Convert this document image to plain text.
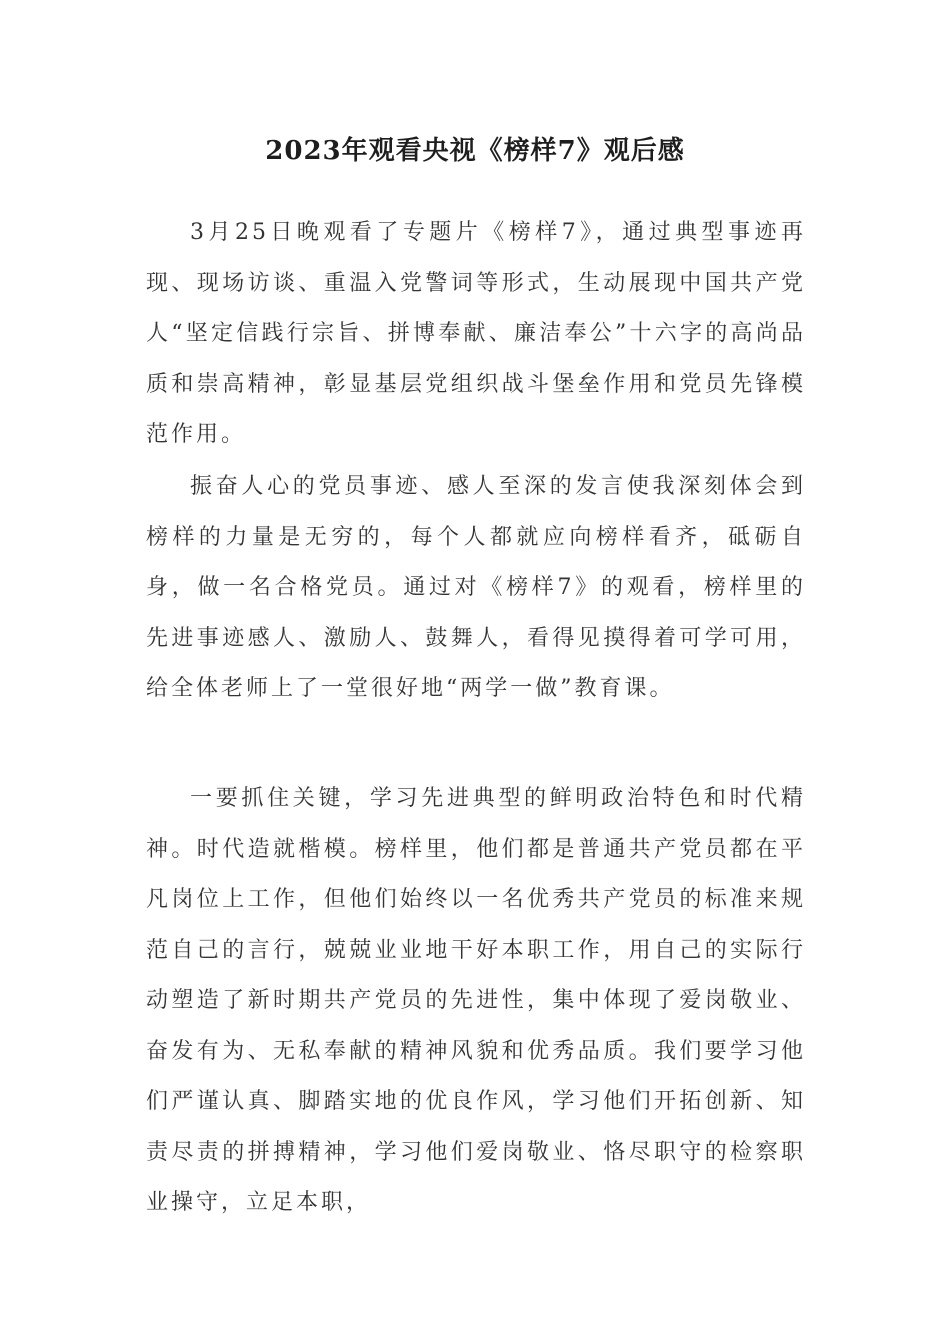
2023年观看央视《榜样7》观后感

3月25日晚观看了专题片《榜样7》，通过典型事迹再现、现场访谈、重温入党警词等形式，生动展现中国共产党人“坚定信践行宗旨、拼博奉献、廉洁奉公”十六字的高尚品质和崇高精神，彰显基层党组织战斗堡垒作用和党员先锋模范作用。

振奋人心的党员事迹、感人至深的发言使我深刻体会到榜样的力量是无穷的，每个人都就应向榜样看齐，砥砺自身，做一名合格党员。通过对《榜样7》的观看，榜样里的先进事迹感人、激励人、鼓舞人，看得见摸得着可学可用，给全体老师上了一堂很好地“两学一做”教育课。

一要抓住关键，学习先进典型的鲜明政治特色和时代精神。时代造就楷模。榜样里，他们都是普通共产党员都在平凡岗位上工作，但他们始终以一名优秀共产党员的标准来规范自己的言行，兢兢业业地干好本职工作，用自己的实际行动塑造了新时期共产党员的先进性，集中体现了爱岗敬业、奋发有为、无私奉献的精神风貌和优秀品质。我们要学习他们严谨认真、脚踏实地的优良作风，学习他们开拓创新、知责尽责的拼搏精神，学习他们爱岗敬业、恪尽职守的检察职业操守，立足本职，
